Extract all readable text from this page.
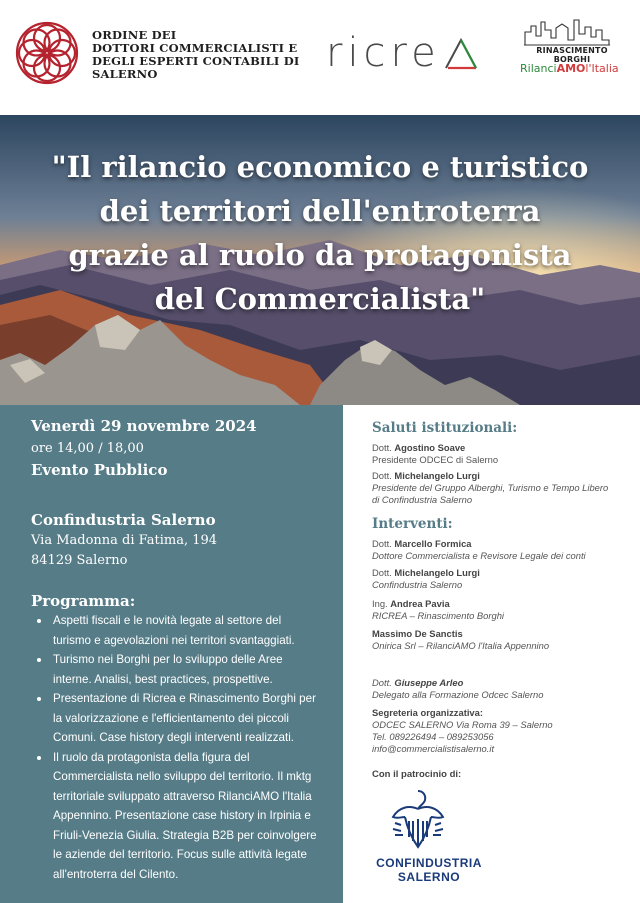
ORDINE DEI
DOTTORI COMMERCIALISTI E
DEGLI ESPERTI CONTABILI DI
SALERNO	ricre	RINASCIMENTO BORGHI
RilanciAMOl'Italia
"Il rilancio economico e turistico
dei territori dell'entroterra
grazie al ruolo da protagonista
del Commercialista"
Venerdì 29 novembre 2024
ore 14,00 / 18,00
Evento Pubblico
Confindustria Salerno
Via Madonna di Fatima, 194
84129 Salerno
Programma:
Aspetti fiscali e le novità legate al settore del
turismo e agevolazioni nei territori svantaggiati.
Turismo nei Borghi per lo sviluppo delle Aree
interne. Analisi, best practices, prospettive.
Presentazione di Ricrea e Rinascimento Borghi per
la valorizzazione e l'efficientamento dei piccoli
Comuni. Case history degli interventi realizzati.
Il ruolo da protagonista della figura del
Commercialista nello sviluppo del territorio. Il mktg
territoriale sviluppato attraverso RilanciAMO l'Italia
Appennino. Presentazione case history in Irpinia e
Friuli-Venezia Giulia. Strategia B2B per coinvolgere
le aziende del territorio. Focus sulle attività legate
all'entroterra del Cilento.
Saluti istituzionali:
Dott. Agostino Soave
Presidente ODCEC di Salerno
Dott. Michelangelo Lurgi
Presidente del Gruppo Alberghi, Turismo e Tempo Libero
di Confindustria Salerno
Interventi:
Dott. Marcello Formica
Dottore Commercialista e Revisore Legale dei conti
Dott. Michelangelo Lurgi
Confindustria Salerno
Ing. Andrea Pavia
RICREA – Rinascimento Borghi
Massimo De Sanctis
Onirica Srl – RilanciAMO l'Italia Appennino
Dott. Giuseppe Arleo
Delegato alla Formazione Odcec Salerno
Segreteria organizzativa:
ODCEC SALERNO Via Roma 39 – Salerno
Tel. 089226494 – 089253056
info@commercialistisalerno.it
Con il patrocinio di:
CONFINDUSTRIA
SALERNO
